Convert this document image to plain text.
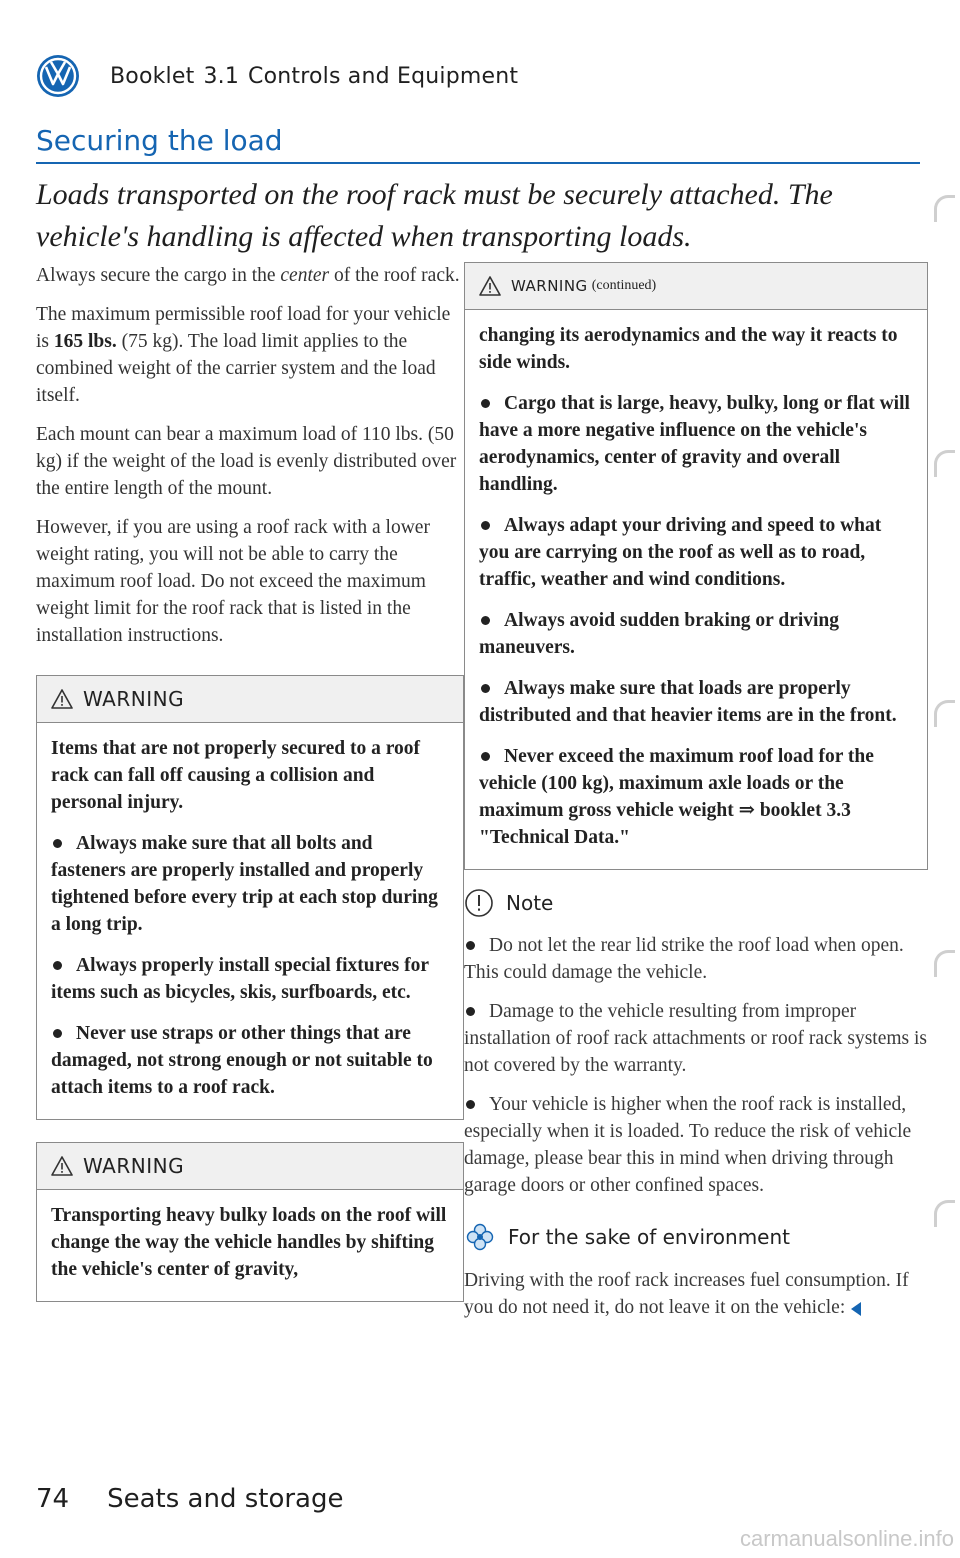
Booklet 3.1 Controls and Equipment
Securing the load

Loads transported on the roof rack must be securely attached. The vehicle's handling is affected when transporting loads.

Always secure the cargo in the center of the roof rack.

The maximum permissible roof load for your vehicle is 165 lbs. (75 kg). The load limit applies to the combined weight of the carrier system and the load itself.

Each mount can bear a maximum load of 110 lbs. (50 kg) if the weight of the load is evenly distributed over the entire length of the mount.

However, if you are using a roof rack with a lower weight rating, you will not be able to carry the maximum roof load. Do not exceed the maximum weight limit for the roof rack that is listed in the installation instructions.

WARNING

Items that are not properly secured to a roof rack can fall off causing a collision and personal injury.

Always make sure that all bolts and fasteners are properly installed and properly tightened before every trip at each stop during a long trip.

Always properly install special fixtures for items such as bicycles, skis, surfboards, etc.

Never use straps or other things that are damaged, not strong enough or not suitable to attach items to a roof rack.

WARNING

Transporting heavy bulky loads on the roof will change the way the vehicle handles by shifting the vehicle's center of gravity,

WARNING (continued)

changing its aerodynamics and the way it reacts to side winds.

Cargo that is large, heavy, bulky, long or flat will have a more negative influence on the vehicle's aerodynamics, center of gravity and overall handling.

Always adapt your driving and speed to what you are carrying on the roof as well as to road, traffic, weather and wind conditions.

Always avoid sudden braking or driving maneuvers.

Always make sure that loads are properly distributed and that heavier items are in the front.

Never exceed the maximum roof load for the vehicle (100 kg), maximum axle loads or the maximum gross vehicle weight ⇒ booklet 3.3 "Technical Data."

Note

Do not let the rear lid strike the roof load when open. This could damage the vehicle.

Damage to the vehicle resulting from improper installation of roof rack attachments or roof rack systems is not covered by the warranty.

Your vehicle is higher when the roof rack is installed, especially when it is loaded. To reduce the risk of vehicle damage, please bear this in mind when driving through garage doors or other confined spaces.

For the sake of environment

Driving with the roof rack increases fuel consumption. If you do not need it, do not leave it on the vehicle:

74 Seats and storage
carmanualsonline.info
